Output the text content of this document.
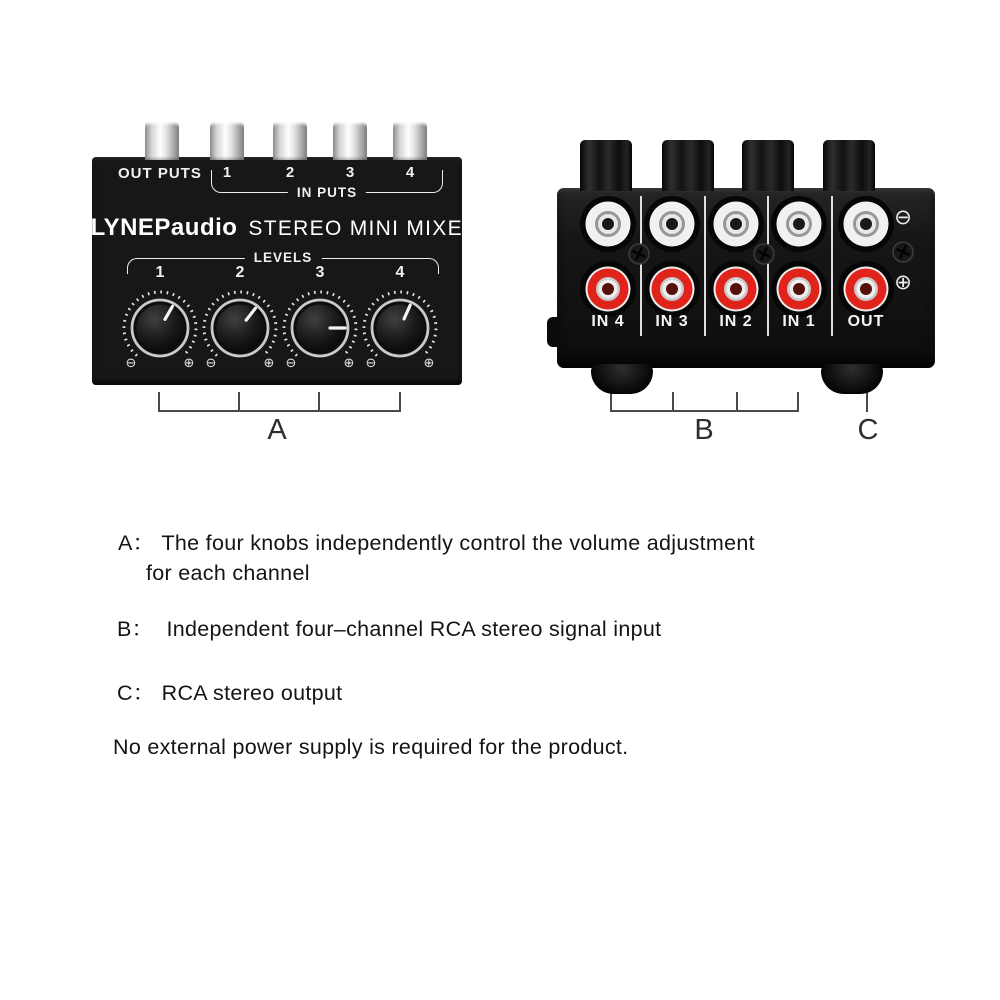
OUT PUTS
IN PUTS
LYNEPaudio STEREO MINI MIXER
LEVELS
A	B	C
A： The four knobs independently control the volume adjustment
for each channel
B： Independent four–channel RCA stereo signal input
C： RCA stereo output
No external power supply is required for the product.
1	2	3	4
1
⊖	⊕
2
⊖	⊕
3
⊖	⊕
4
⊖	⊕
IN 4 IN 3 IN 2 IN 1 OUT
⊖
⊕
